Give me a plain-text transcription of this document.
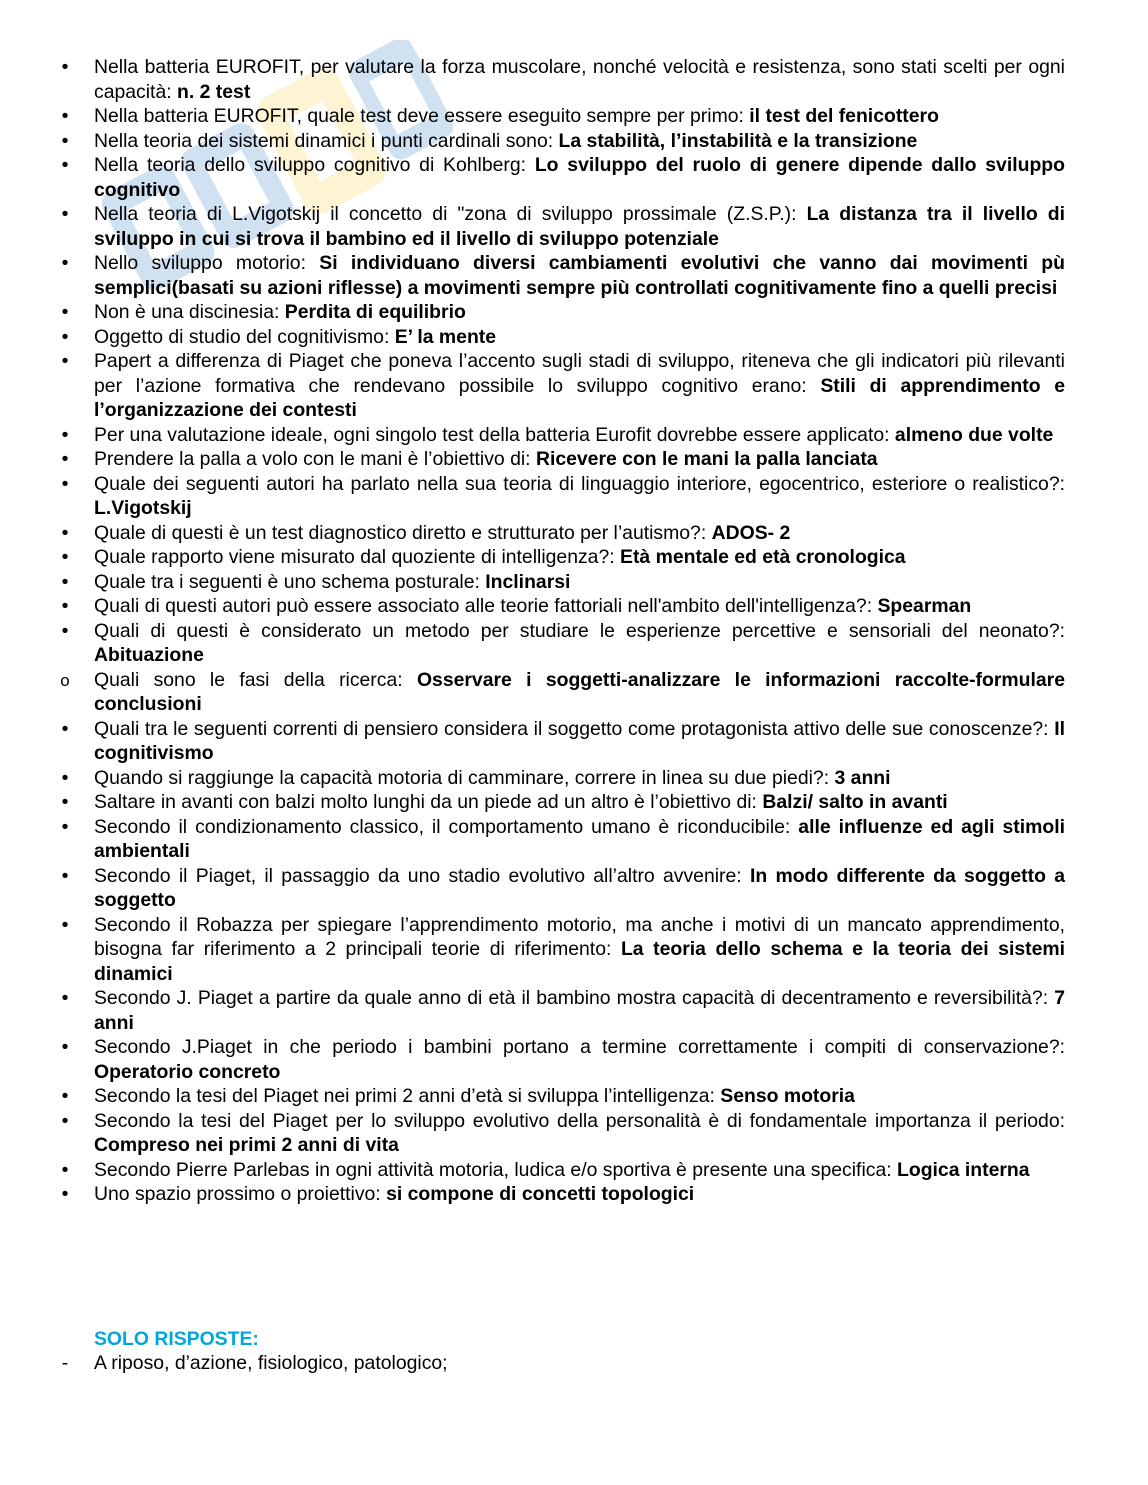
•
Nella batteria EUROFIT, per valutare la forza muscolare, nonché velocità e resistenza, sono stati scelti per ogni capacità: n. 2 test
•
Nella batteria EUROFIT, quale test deve essere eseguito sempre per primo: il test del fenicottero
•
Nella teoria dei sistemi dinamici i punti cardinali sono: La stabilità, l’instabilità e la transizione
•
Nella teoria dello sviluppo cognitivo di Kohlberg: Lo sviluppo del ruolo di genere dipende dallo sviluppo cognitivo
•
Nella teoria di L.Vigotskij il concetto di "zona di sviluppo prossimale (Z.S.P.): La distanza tra il livello di sviluppo in cui si trova il bambino ed il livello di sviluppo potenziale
•
Nello sviluppo motorio: Si individuano diversi cambiamenti evolutivi che vanno dai movimenti pù semplici(basati su azioni riflesse) a movimenti sempre più controllati cognitivamente fino a quelli precisi
•
Non è una discinesia: Perdita di equilibrio
•
Oggetto di studio del cognitivismo: E’ la mente
•
Papert a differenza di Piaget che poneva l’accento sugli stadi di sviluppo, riteneva che gli indicatori più rilevanti per l’azione formativa che rendevano possibile lo sviluppo cognitivo erano: Stili di apprendimento e l’organizzazione dei contesti
•
Per una valutazione ideale, ogni singolo test della batteria Eurofit dovrebbe essere applicato: almeno due volte
•
Prendere la palla a volo con le mani è l’obiettivo di: Ricevere con le mani la palla lanciata
•
Quale dei seguenti autori ha parlato nella sua teoria di linguaggio interiore, egocentrico, esteriore o realistico?: L.Vigotskij
•
Quale di questi è un test diagnostico diretto e strutturato per l’autismo?: ADOS- 2
•
Quale rapporto viene misurato dal quoziente di intelligenza?: Età mentale ed età cronologica
•
Quale tra i seguenti è uno schema posturale: Inclinarsi
•
Quali di questi autori può essere associato alle teorie fattoriali nell'ambito dell'intelligenza?: Spearman
•
Quali di questi è considerato un metodo per studiare le esperienze percettive e sensoriali del neonato?: Abituazione
o
Quali sono le fasi della ricerca: Osservare i soggetti-analizzare le informazioni raccolte-formulare conclusioni
•
Quali tra le seguenti correnti di pensiero considera il soggetto come protagonista attivo delle sue conoscenze?: Il cognitivismo
•
Quando si raggiunge la capacità motoria di camminare, correre in linea su due piedi?: 3 anni
•
Saltare in avanti con balzi molto lunghi da un piede ad un altro è l’obiettivo di: Balzi/ salto in avanti
•
Secondo il condizionamento classico, il comportamento umano è riconducibile: alle influenze ed agli stimoli ambientali
•
Secondo il Piaget, il passaggio da uno stadio evolutivo all’altro avvenire: In modo differente da soggetto a soggetto
•
Secondo il Robazza per spiegare l’apprendimento motorio, ma anche i motivi di un mancato apprendimento, bisogna far riferimento a 2 principali teorie di riferimento: La teoria dello schema e la teoria dei sistemi dinamici
•
Secondo J. Piaget a partire da quale anno di età il bambino mostra capacità di decentramento e reversibilità?: 7 anni
•
Secondo J.Piaget in che periodo i bambini portano a termine correttamente i compiti di conservazione?: Operatorio concreto
•
Secondo la tesi del Piaget nei primi 2 anni d’età si sviluppa l’intelligenza: Senso motoria
•
Secondo la tesi del Piaget per lo sviluppo evolutivo della personalità è di fondamentale importanza il periodo: Compreso nei primi 2 anni di vita
•
Secondo Pierre Parlebas in ogni attività motoria, ludica e/o sportiva è presente una specifica: Logica interna
•
Uno spazio prossimo o proiettivo: si compone di concetti topologici
SOLO RISPOSTE:
-
A riposo, d’azione, fisiologico, patologico;
